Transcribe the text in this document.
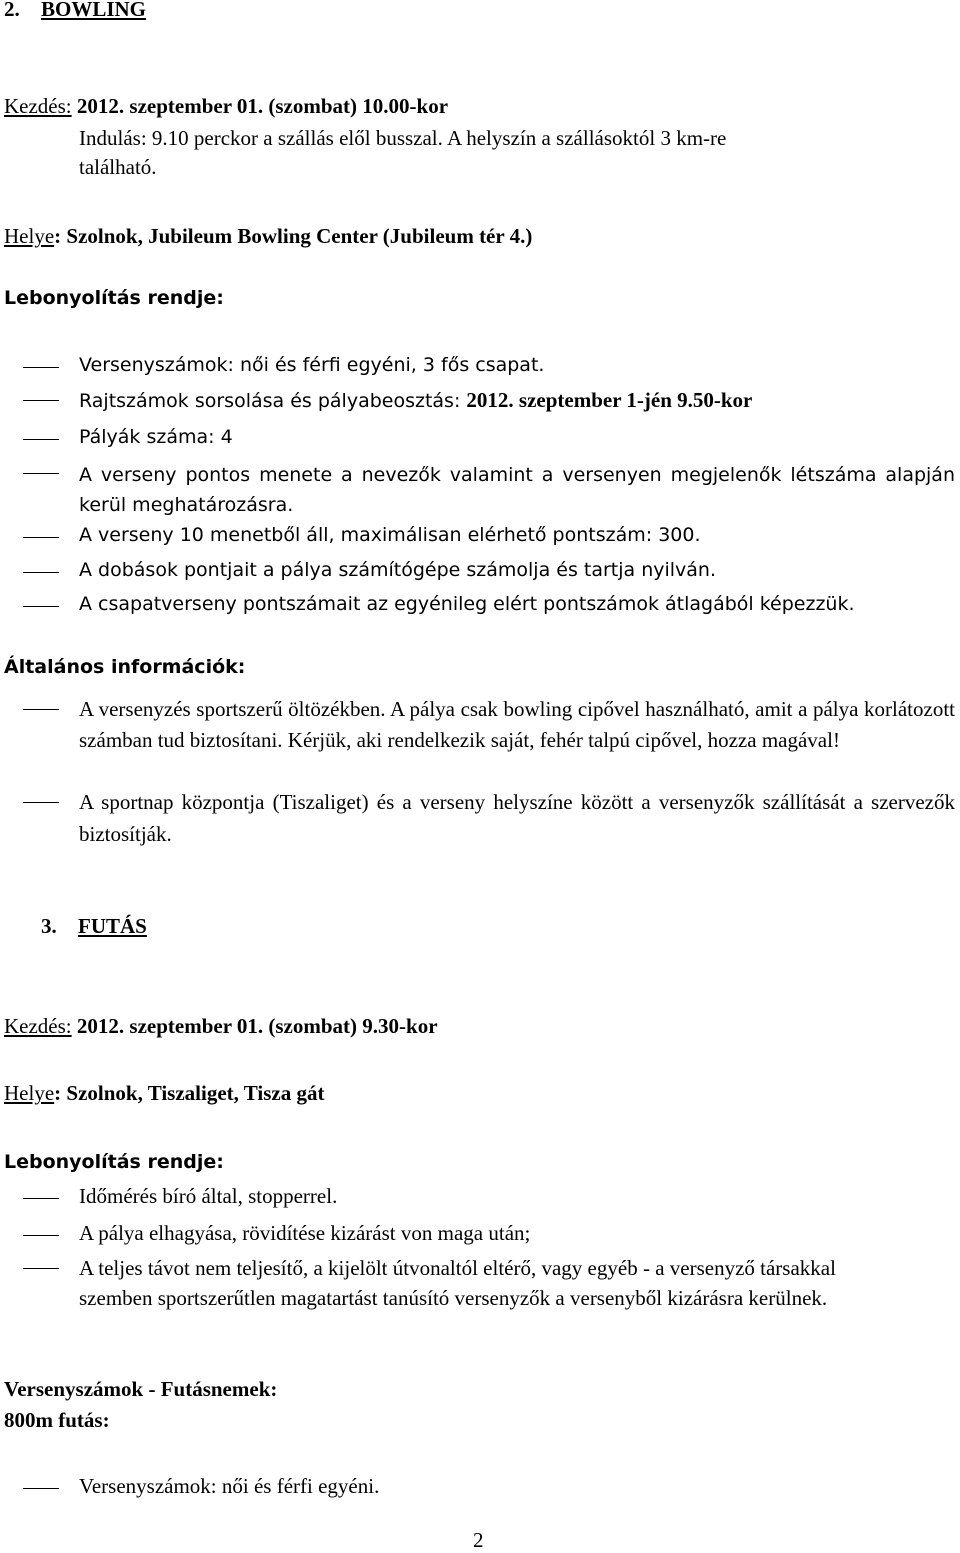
2. BOWLING
Kezdés: 2012. szeptember 01. (szombat) 10.00-kor
Indulás: 9.10 perckor a szállás elől busszal. A helyszín a szállásoktól 3 km-re
található.
Helye: Szolnok, Jubileum Bowling Center (Jubileum tér 4.)
Lebonyolítás rendje:
Versenyszámok: női és férfi egyéni, 3 fős csapat.
Rajtszámok sorsolása és pályabeosztás: 2012. szeptember 1-jén 9.50-kor
Pályák száma: 4
A verseny pontos menete a nevezők valamint a versenyen megjelenők létszáma alapján kerül meghatározásra.
A verseny 10 menetből áll, maximálisan elérhető pontszám: 300.
A dobások pontjait a pálya számítógépe számolja és tartja nyilván.
A csapatverseny pontszámait az egyénileg elért pontszámok átlagából képezzük.
Általános információk:
A versenyzés sportszerű öltözékben. A pálya csak bowling cipővel használható, amit a pálya korlátozott számban tud biztosítani. Kérjük, aki rendelkezik saját, fehér talpú cipővel, hozza magával!
A sportnap központja (Tiszaliget) és a verseny helyszíne között a versenyzők szállítását a szervezők biztosítják.
3. FUTÁS
Kezdés: 2012. szeptember 01. (szombat) 9.30-kor
Helye: Szolnok, Tiszaliget, Tisza gát
Lebonyolítás rendje:
Időmérés bíró által, stopperrel.
A pálya elhagyása, rövidítése kizárást von maga után;
A teljes távot nem teljesítő, a kijelölt útvonaltól eltérő, vagy egyéb - a versenyző társakkal szemben sportszerűtlen magatartást tanúsító versenyzők a versenyből kizárásra kerülnek.
Versenyszámok - Futásnemek:
800m futás:
Versenyszámok: női és férfi egyéni.
2
